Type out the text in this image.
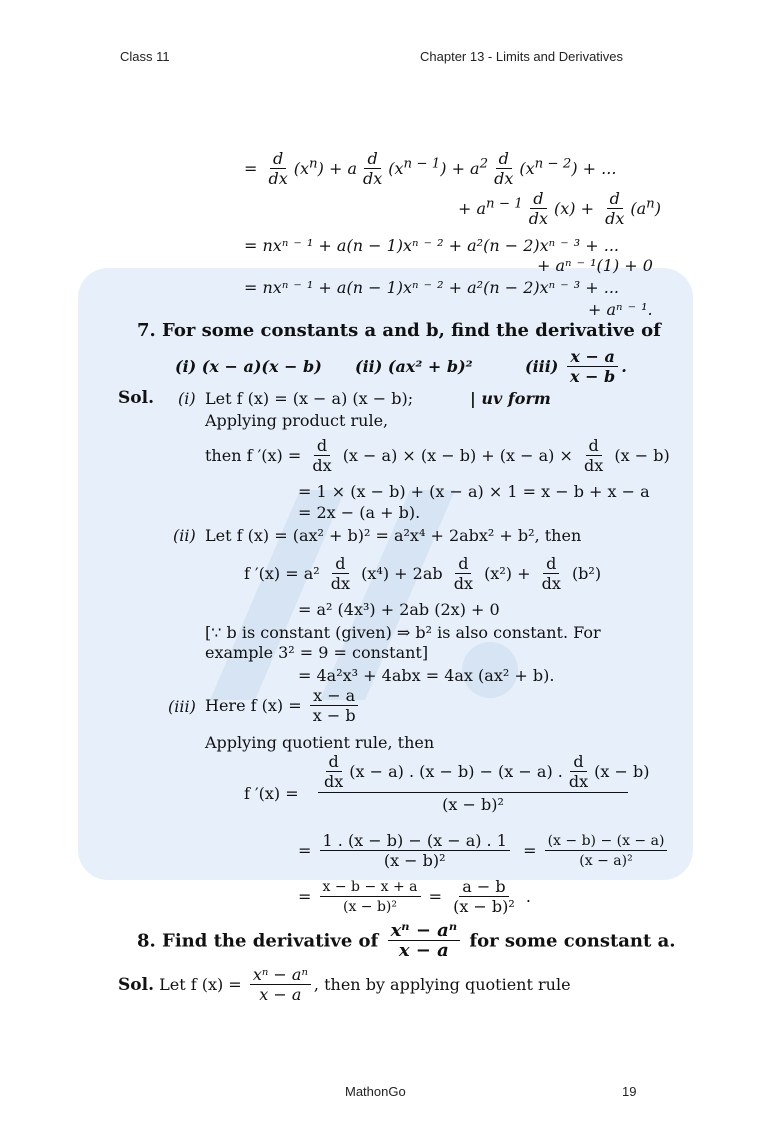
Class 11	Chapter 13 - Limits and Derivatives
= $\frac{d}{dx} (x^n) + a \frac{d}{dx} (x^{n - 1}) + a^2 \frac{d}{dx} (x^{n - 2})$ + ...
+ $a^{n - 1} \frac{d}{dx} (x) + \frac{d}{dx} (a^n)$
= nxⁿ ⁻ ¹ + a(n − 1)xⁿ ⁻ ² + a²(n − 2)xⁿ ⁻ ³ + ...
+ aⁿ ⁻ ¹(1) + 0
= nxⁿ ⁻ ¹ + a(n − 1)xⁿ ⁻ ² + a²(n − 2)xⁿ ⁻ ³ + ...
+ aⁿ ⁻ ¹.
7. For some constants a and b, find the derivative of
(i) (x − a)(x − b) (ii) (ax² + b)²	$(iii) \frac{x - a}{x - b}$ .
Sol. (i) Let f (x) = (x − a) (x − b);	| uv form
Applying product rule,
then f $'(x) = \frac{d}{dx} (x - a) \times (x - b) + (x - a) \times \frac{d}{dx} (x - b)$
= 1 × (x − b) + (x − a) × 1 = x − b + x − a
= 2x − (a + b).
(ii) Let f (x) = (ax² + b)² = a²x⁴ + 2abx² + b², then
f $'(x) = a^2 \frac{d}{dx} (x^4) + 2ab \frac{d}{dx} (x^2) + \frac{d}{dx} (b^2)$
= a² (4x³) + 2ab (2x) + 0
[∵ b is constant (given) ⇒ b² is also constant. For
example 3² = 9 = constant]
= 4a²x³ + 4abx = 4ax (ax² + b).
(iii) Here f $(x) = \frac{x - a}{x - b}$
Applying quotient rule, then
f ′(x) =
$\frac{d}{dx} (x - a)$ . (x − b) − (x − a) . $\frac{d}{dx} (x - b)$
(x − b)²
= $\frac{1 . (x - b) - (x - a) . 1}{\text{(x − b)²}} = \frac{(x - b) - (x - a)}{\text{(x − a)²}}$
= $\frac{x - b - x + a}{\text{(x − b)²}} = \frac{a - b}{\text{(x − b)²}}$ .
8. Find the derivative of $\frac{\text{xⁿ − aⁿ}}{x - a}$ for some constant a.
Sol. Let f $(x) = \frac{\text{xⁿ − aⁿ}}{x - a}$ , then by applying quotient rule
MathonGo	19
